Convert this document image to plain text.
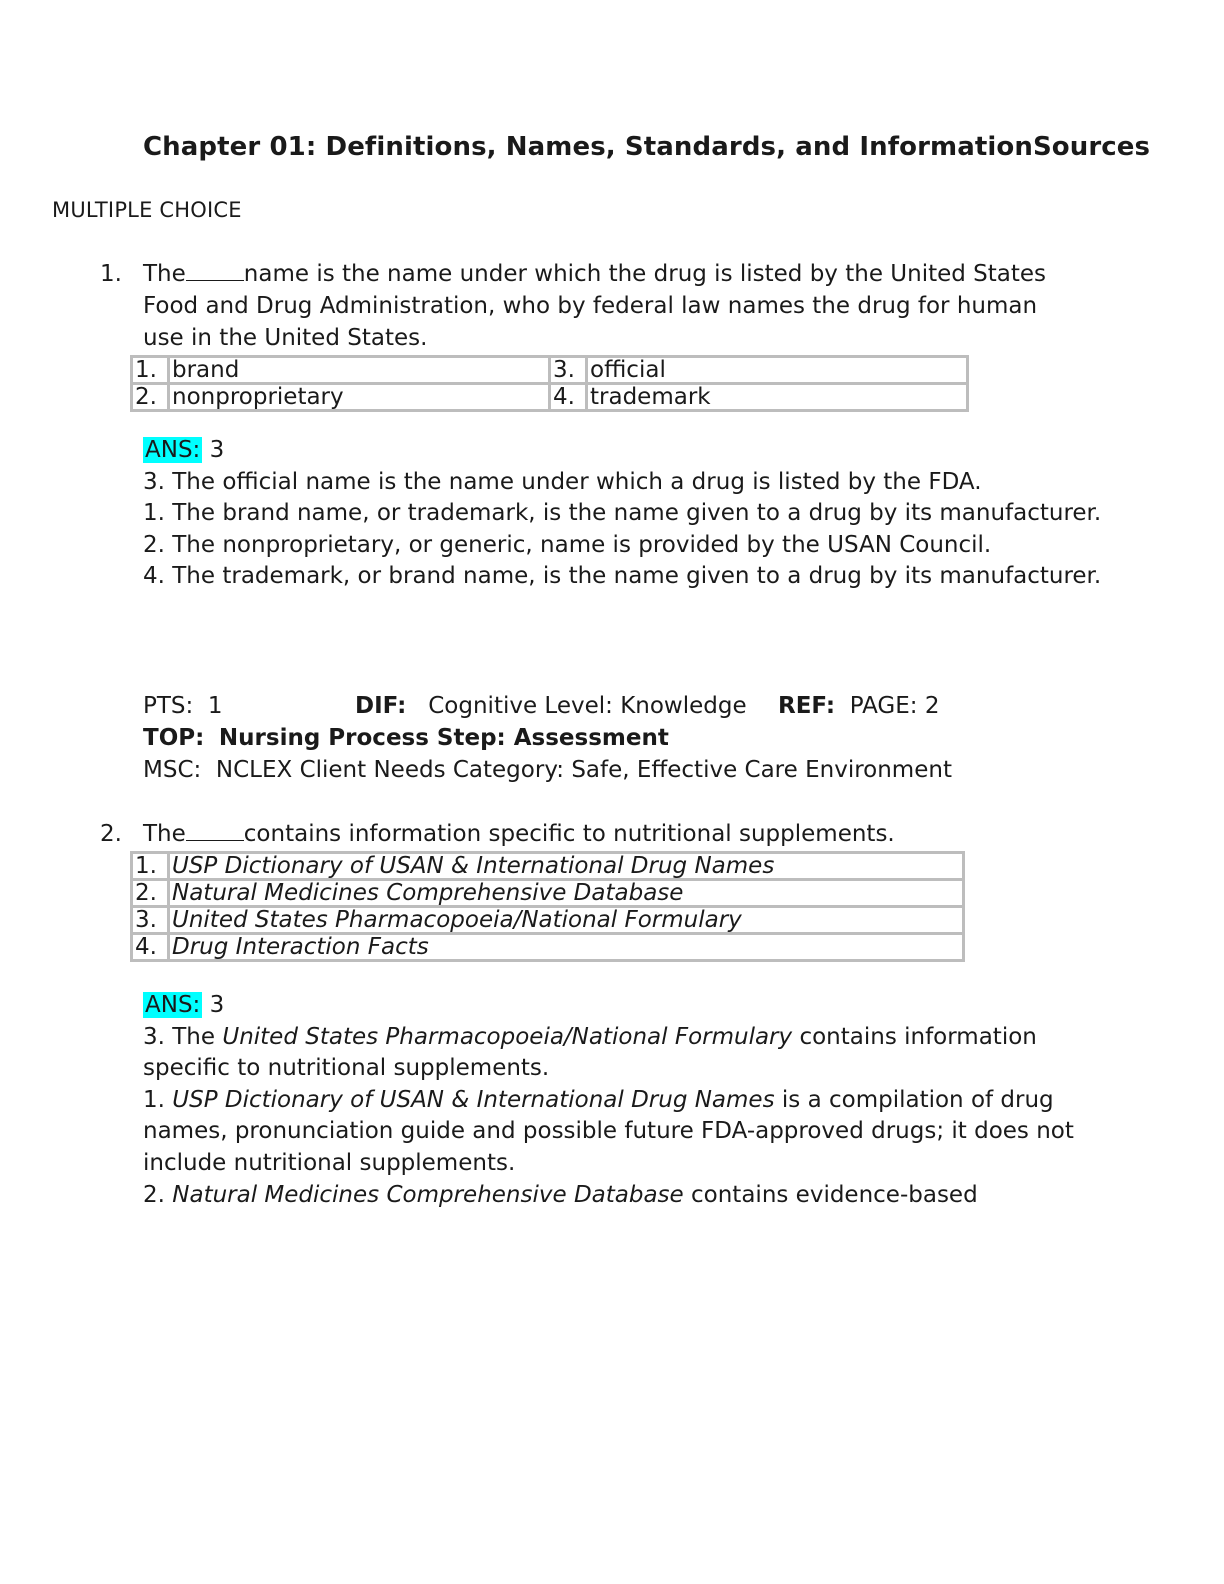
Chapter 01: Definitions, Names, Standards, and InformationSources
MULTIPLE CHOICE
1. The	name is the name under which the drug is listed by the United States Food and Drug Administration, who by federal law names the drug for human use in the United States.
1.	brand	3.	official
2.	nonproprietary	4.	trademark
ANS: 3
3. The official name is the name under which a drug is listed by the FDA.
1. The brand name, or trademark, is the name given to a drug by its manufacturer.
2. The nonproprietary, or generic, name is provided by the USAN Council.
4. The trademark, or brand name, is the name given to a drug by its manufacturer.
PTS: 1	DIF: Cognitive Level: Knowledge REF: PAGE: 2
TOP: Nursing Process Step: Assessment
MSC: NCLEX Client Needs Category: Safe, Effective Care Environment
2. The	contains information specific to nutritional supplements.
1.	USP Dictionary of USAN & International Drug Names
2.	Natural Medicines Comprehensive Database
3.	United States Pharmacopoeia/National Formulary
4.	Drug Interaction Facts
ANS: 3
3. The United States Pharmacopoeia/National Formulary contains information specific to nutritional supplements.
1. USP Dictionary of USAN & International Drug Names is a compilation of drug names, pronunciation guide and possible future FDA-approved drugs; it does not include nutritional supplements.
2. Natural Medicines Comprehensive Database contains evidence-based
